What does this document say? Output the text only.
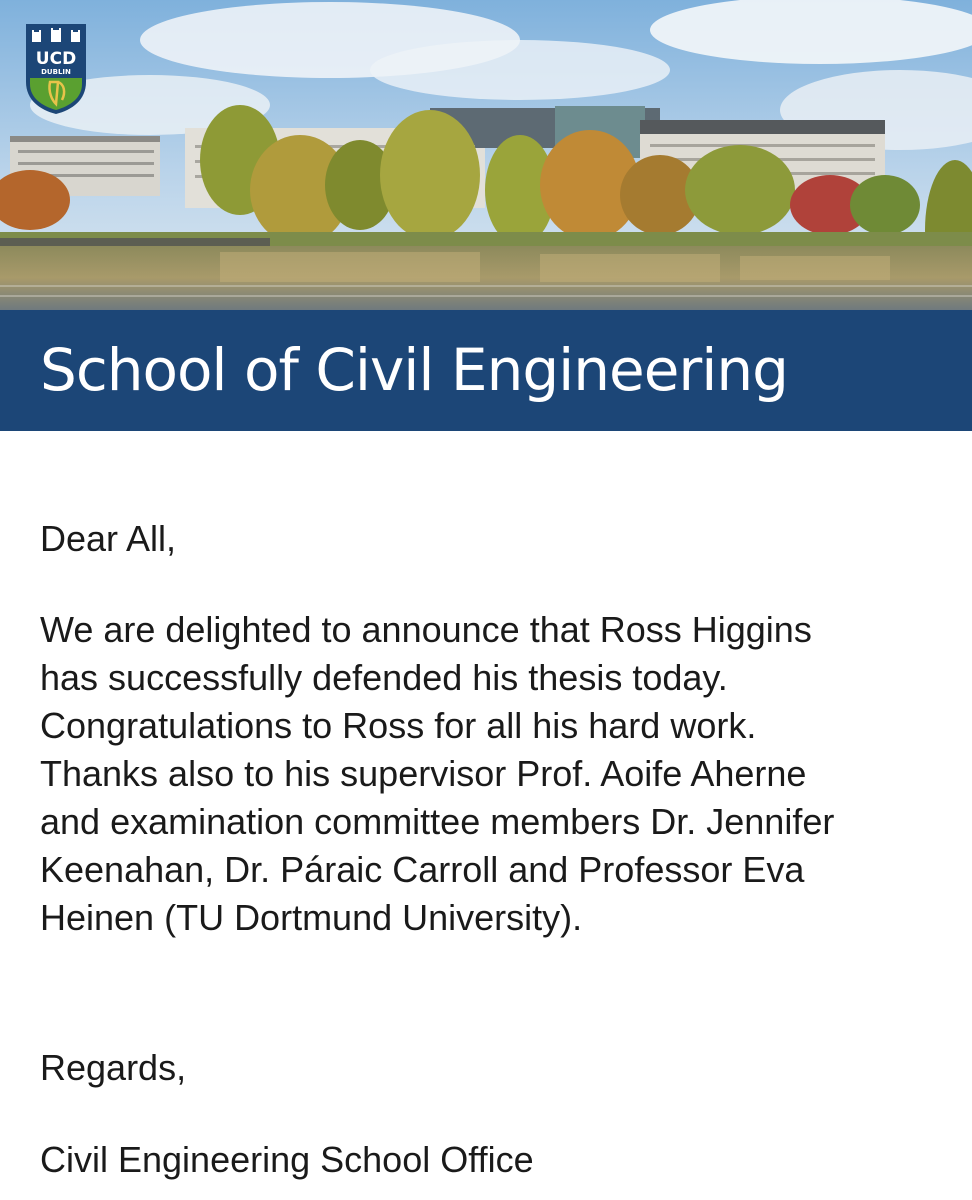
UCD
DUBLIN
School of Civil Engineering

Dear All,

We are delighted to announce that Ross Higgins
has successfully defended his thesis today.
Congratulations to Ross for all his hard work.
Thanks also to his supervisor Prof. Aoife Aherne
and examination committee members Dr. Jennifer
Keenahan, Dr. Páraic Carroll and Professor Eva
Heinen (TU Dortmund University).

Regards,

Civil Engineering School Office
